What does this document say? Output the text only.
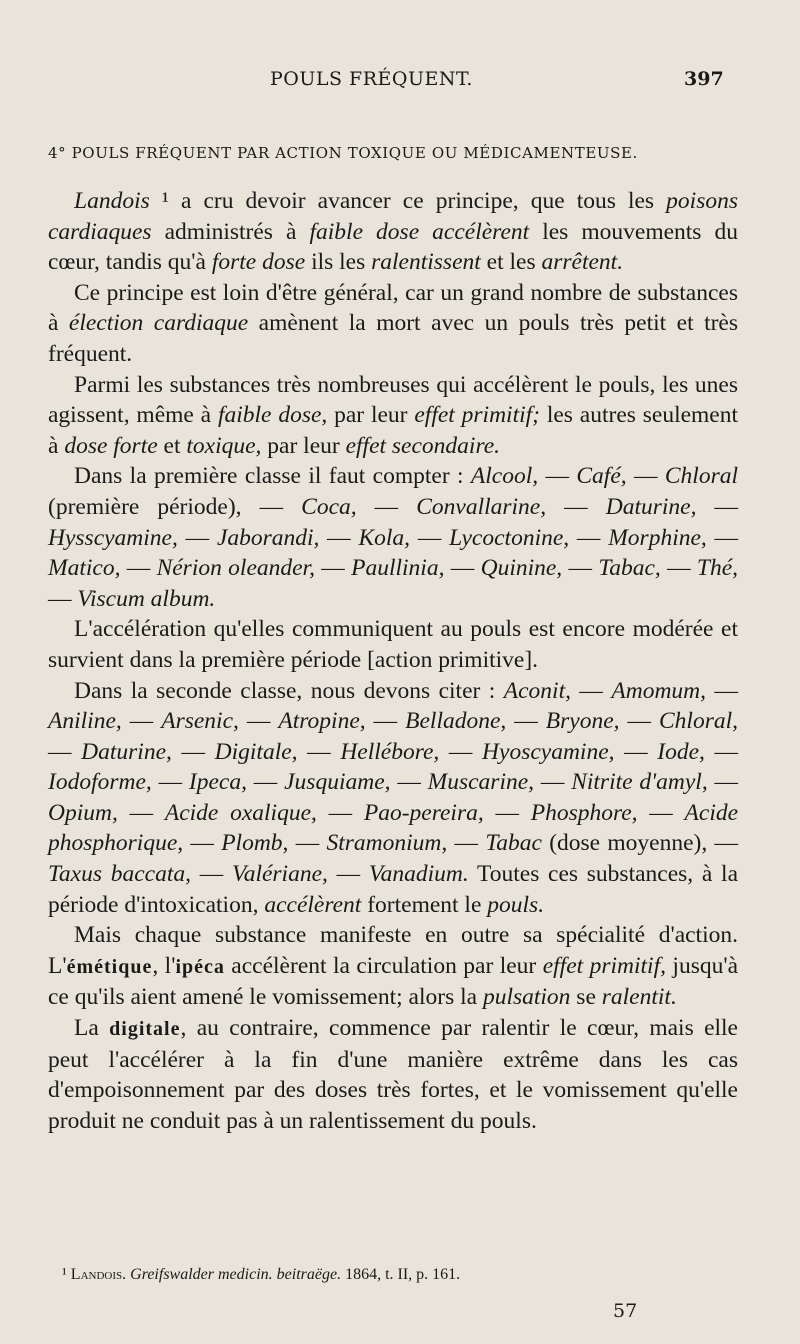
POULS FRÉQUENT.	397
4° POULS FRÉQUENT PAR ACTION TOXIQUE OU MÉDICAMENTEUSE.

Landois ¹ a cru devoir avancer ce principe, que tous les poisons cardiaques administrés à faible dose accélèrent les mouvements du cœur, tandis qu'à forte dose ils les ralentissent et les arrêtent.

Ce principe est loin d'être général, car un grand nombre de substances à élection cardiaque amènent la mort avec un pouls très petit et très fréquent.

Parmi les substances très nombreuses qui accélèrent le pouls, les unes agissent, même à faible dose, par leur effet primitif; les autres seulement à dose forte et toxique, par leur effet secondaire.

Dans la première classe il faut compter : Alcool, — Café, — Chloral (première période), — Coca, — Convallarine, — Daturine, — Hysscyamine, — Jaborandi, — Kola, — Lycoctonine, — Morphine, — Matico, — Nérion oleander, — Paullinia, — Quinine, — Tabac, — Thé, — Viscum album.

L'accélération qu'elles communiquent au pouls est encore modérée et survient dans la première période [action primitive].

Dans la seconde classe, nous devons citer : Aconit, — Amomum, — Aniline, — Arsenic, — Atropine, — Belladone, — Bryone, — Chloral, — Daturine, — Digitale, — Hellébore, — Hyoscyamine, — Iode, — Iodoforme, — Ipeca, — Jusquiame, — Muscarine, — Nitrite d'amyl, — Opium, — Acide oxalique, — Pao-pereira, — Phosphore, — Acide phosphorique, — Plomb, — Stramonium, — Tabac (dose moyenne), — Taxus baccata, — Valériane, — Vanadium. Toutes ces substances, à la période d'intoxication, accélèrent fortement le pouls.

Mais chaque substance manifeste en outre sa spécialité d'action. L'émétique, l'ipéca accélèrent la circulation par leur effet primitif, jusqu'à ce qu'ils aient amené le vomissement; alors la pulsation se ralentit.

La digitale, au contraire, commence par ralentir le cœur, mais elle peut l'accélérer à la fin d'une manière extrême dans les cas d'empoisonnement par des doses très fortes, et le vomissement qu'elle produit ne conduit pas à un ralentissement du pouls.

¹ Landois. Greifswalder medicin. beitraëge. 1864, t. II, p. 161.
57
